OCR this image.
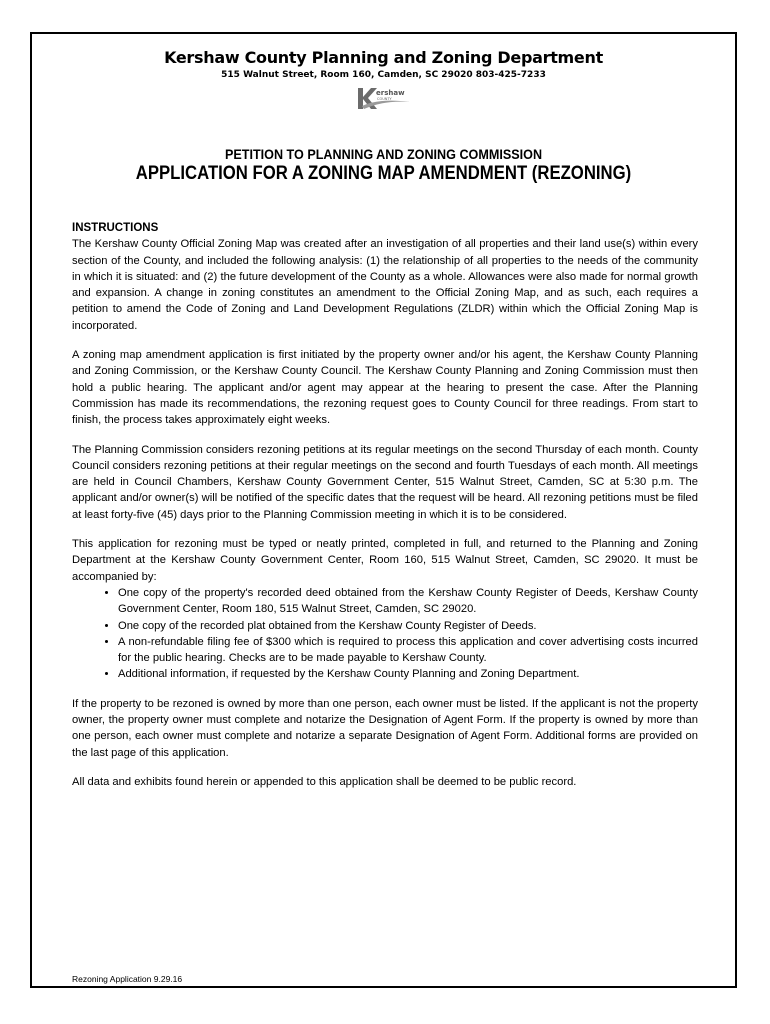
Kershaw County Planning and Zoning Department
515 Walnut Street, Room 160, Camden, SC 29020 803-425-7233
ershaw
COUNTY
PETITION TO PLANNING AND ZONING COMMISSION
APPLICATION FOR A ZONING MAP AMENDMENT (REZONING)
INSTRUCTIONS

The Kershaw County Official Zoning Map was created after an investigation of all properties and their land use(s) within every section of the County, and included the following analysis: (1) the relationship of all properties to the needs of the community in which it is situated: and (2) the future development of the County as a whole. Allowances were also made for normal growth and expansion. A change in zoning constitutes an amendment to the Official Zoning Map, and as such, each requires a petition to amend the Code of Zoning and Land Development Regulations (ZLDR) within which the Official Zoning Map is incorporated.

A zoning map amendment application is first initiated by the property owner and/or his agent, the Kershaw County Planning and Zoning Commission, or the Kershaw County Council. The Kershaw County Planning and Zoning Commission must then hold a public hearing. The applicant and/or agent may appear at the hearing to present the case. After the Planning Commission has made its recommendations, the rezoning request goes to County Council for three readings. From start to finish, the process takes approximately eight weeks.

The Planning Commission considers rezoning petitions at its regular meetings on the second Thursday of each month. County Council considers rezoning petitions at their regular meetings on the second and fourth Tuesdays of each month. All meetings are held in Council Chambers, Kershaw County Government Center, 515 Walnut Street, Camden, SC at 5:30 p.m. The applicant and/or owner(s) will be notified of the specific dates that the request will be heard. All rezoning petitions must be filed at least forty-five (45) days prior to the Planning Commission meeting in which it is to be considered.

This application for rezoning must be typed or neatly printed, completed in full, and returned to the Planning and Zoning Department at the Kershaw County Government Center, Room 160, 515 Walnut Street, Camden, SC 29020. It must be accompanied by:

• One copy of the property's recorded deed obtained from the Kershaw County Register of Deeds, Kershaw County Government Center, Room 180, 515 Walnut Street, Camden, SC 29020.
• One copy of the recorded plat obtained from the Kershaw County Register of Deeds.
• A non-refundable filing fee of $300 which is required to process this application and cover advertising costs incurred for the public hearing. Checks are to be made payable to Kershaw County.
• Additional information, if requested by the Kershaw County Planning and Zoning Department.

If the property to be rezoned is owned by more than one person, each owner must be listed. If the applicant is not the property owner, the property owner must complete and notarize the Designation of Agent Form. If the property is owned by more than one person, each owner must complete and notarize a separate Designation of Agent Form. Additional forms are provided on the last page of this application.

All data and exhibits found herein or appended to this application shall be deemed to be public record.

Rezoning Application 9.29.16
